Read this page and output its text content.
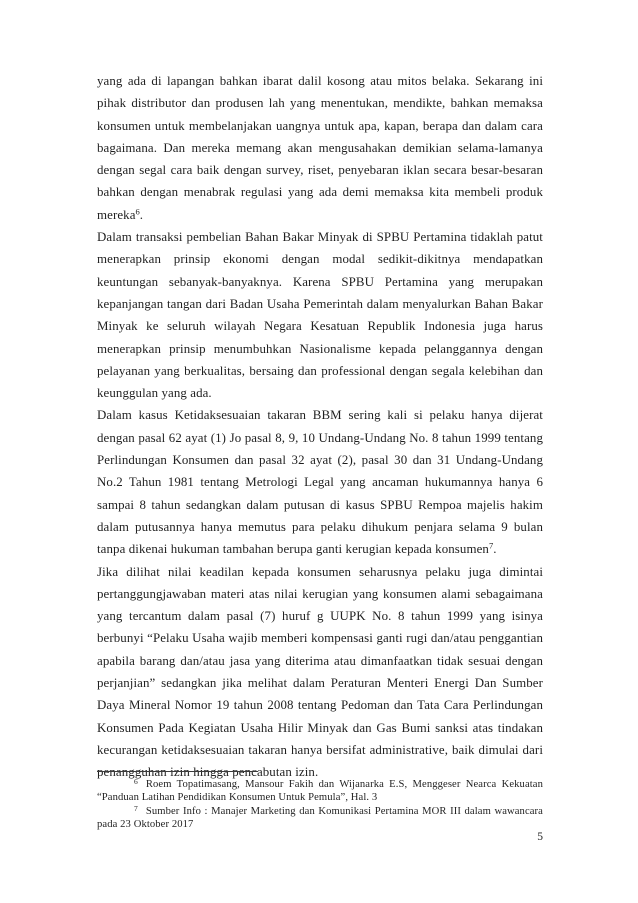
yang ada di lapangan bahkan ibarat dalil kosong atau mitos belaka. Sekarang ini pihak distributor dan produsen lah yang menentukan, mendikte, bahkan memaksa konsumen untuk membelanjakan uangnya untuk apa, kapan, berapa dan dalam cara bagaimana. Dan mereka memang akan mengusahakan demikian selama-lamanya dengan segal cara baik dengan survey, riset, penyebaran iklan secara besar-besaran bahkan dengan menabrak regulasi yang ada demi memaksa kita membeli produk mereka$^6$.

Dalam transaksi pembelian Bahan Bakar Minyak di SPBU Pertamina tidaklah patut menerapkan prinsip ekonomi dengan modal sedikit-dikitnya mendapatkan keuntungan sebanyak-banyaknya. Karena SPBU Pertamina yang merupakan kepanjangan tangan dari Badan Usaha Pemerintah dalam menyalurkan Bahan Bakar Minyak ke seluruh wilayah Negara Kesatuan Republik Indonesia juga harus menerapkan prinsip menumbuhkan Nasionalisme kepada pelanggannya dengan pelayanan yang berkualitas, bersaing dan professional dengan segala kelebihan dan keunggulan yang ada.

Dalam kasus Ketidaksesuaian takaran BBM sering kali si pelaku hanya dijerat dengan pasal 62 ayat (1) Jo pasal 8, 9, 10 Undang-Undang No. 8 tahun 1999 tentang Perlindungan Konsumen dan pasal 32 ayat (2), pasal 30 dan 31 Undang-Undang No.2 Tahun 1981 tentang Metrologi Legal yang ancaman hukumannya hanya 6 sampai 8 tahun sedangkan dalam putusan di kasus SPBU Rempoa majelis hakim dalam putusannya hanya memutus para pelaku dihukum penjara selama 9 bulan tanpa dikenai hukuman tambahan berupa ganti kerugian kepada konsumen$^7$.

Jika dilihat nilai keadilan kepada konsumen seharusnya pelaku juga dimintai pertanggungjawaban materi atas nilai kerugian yang konsumen alami sebagaimana yang tercantum dalam pasal (7) huruf g UUPK No. 8 tahun 1999 yang isinya berbunyi “Pelaku Usaha wajib memberi kompensasi ganti rugi dan/atau penggantian apabila barang dan/atau jasa yang diterima atau dimanfaatkan tidak sesuai dengan perjanjian” sedangkan jika melihat dalam Peraturan Menteri Energi Dan Sumber Daya Mineral Nomor 19 tahun 2008 tentang Pedoman dan Tata Cara Perlindungan Konsumen Pada Kegiatan Usaha Hilir Minyak dan Gas Bumi sanksi atas tindakan kecurangan ketidaksesuaian takaran hanya bersifat administrative, baik dimulai dari penangguhan izin hingga pencabutan izin.

$^6$ Roem Topatimasang, Mansour Fakih dan Wijanarka E.S, Menggeser Nearca Kekuatan “Panduan Latihan Pendidikan Konsumen Untuk Pemula”, Hal. 3

$^7$ Sumber Info : Manajer Marketing dan Komunikasi Pertamina MOR III dalam wawancara pada 23 Oktober 2017

5
